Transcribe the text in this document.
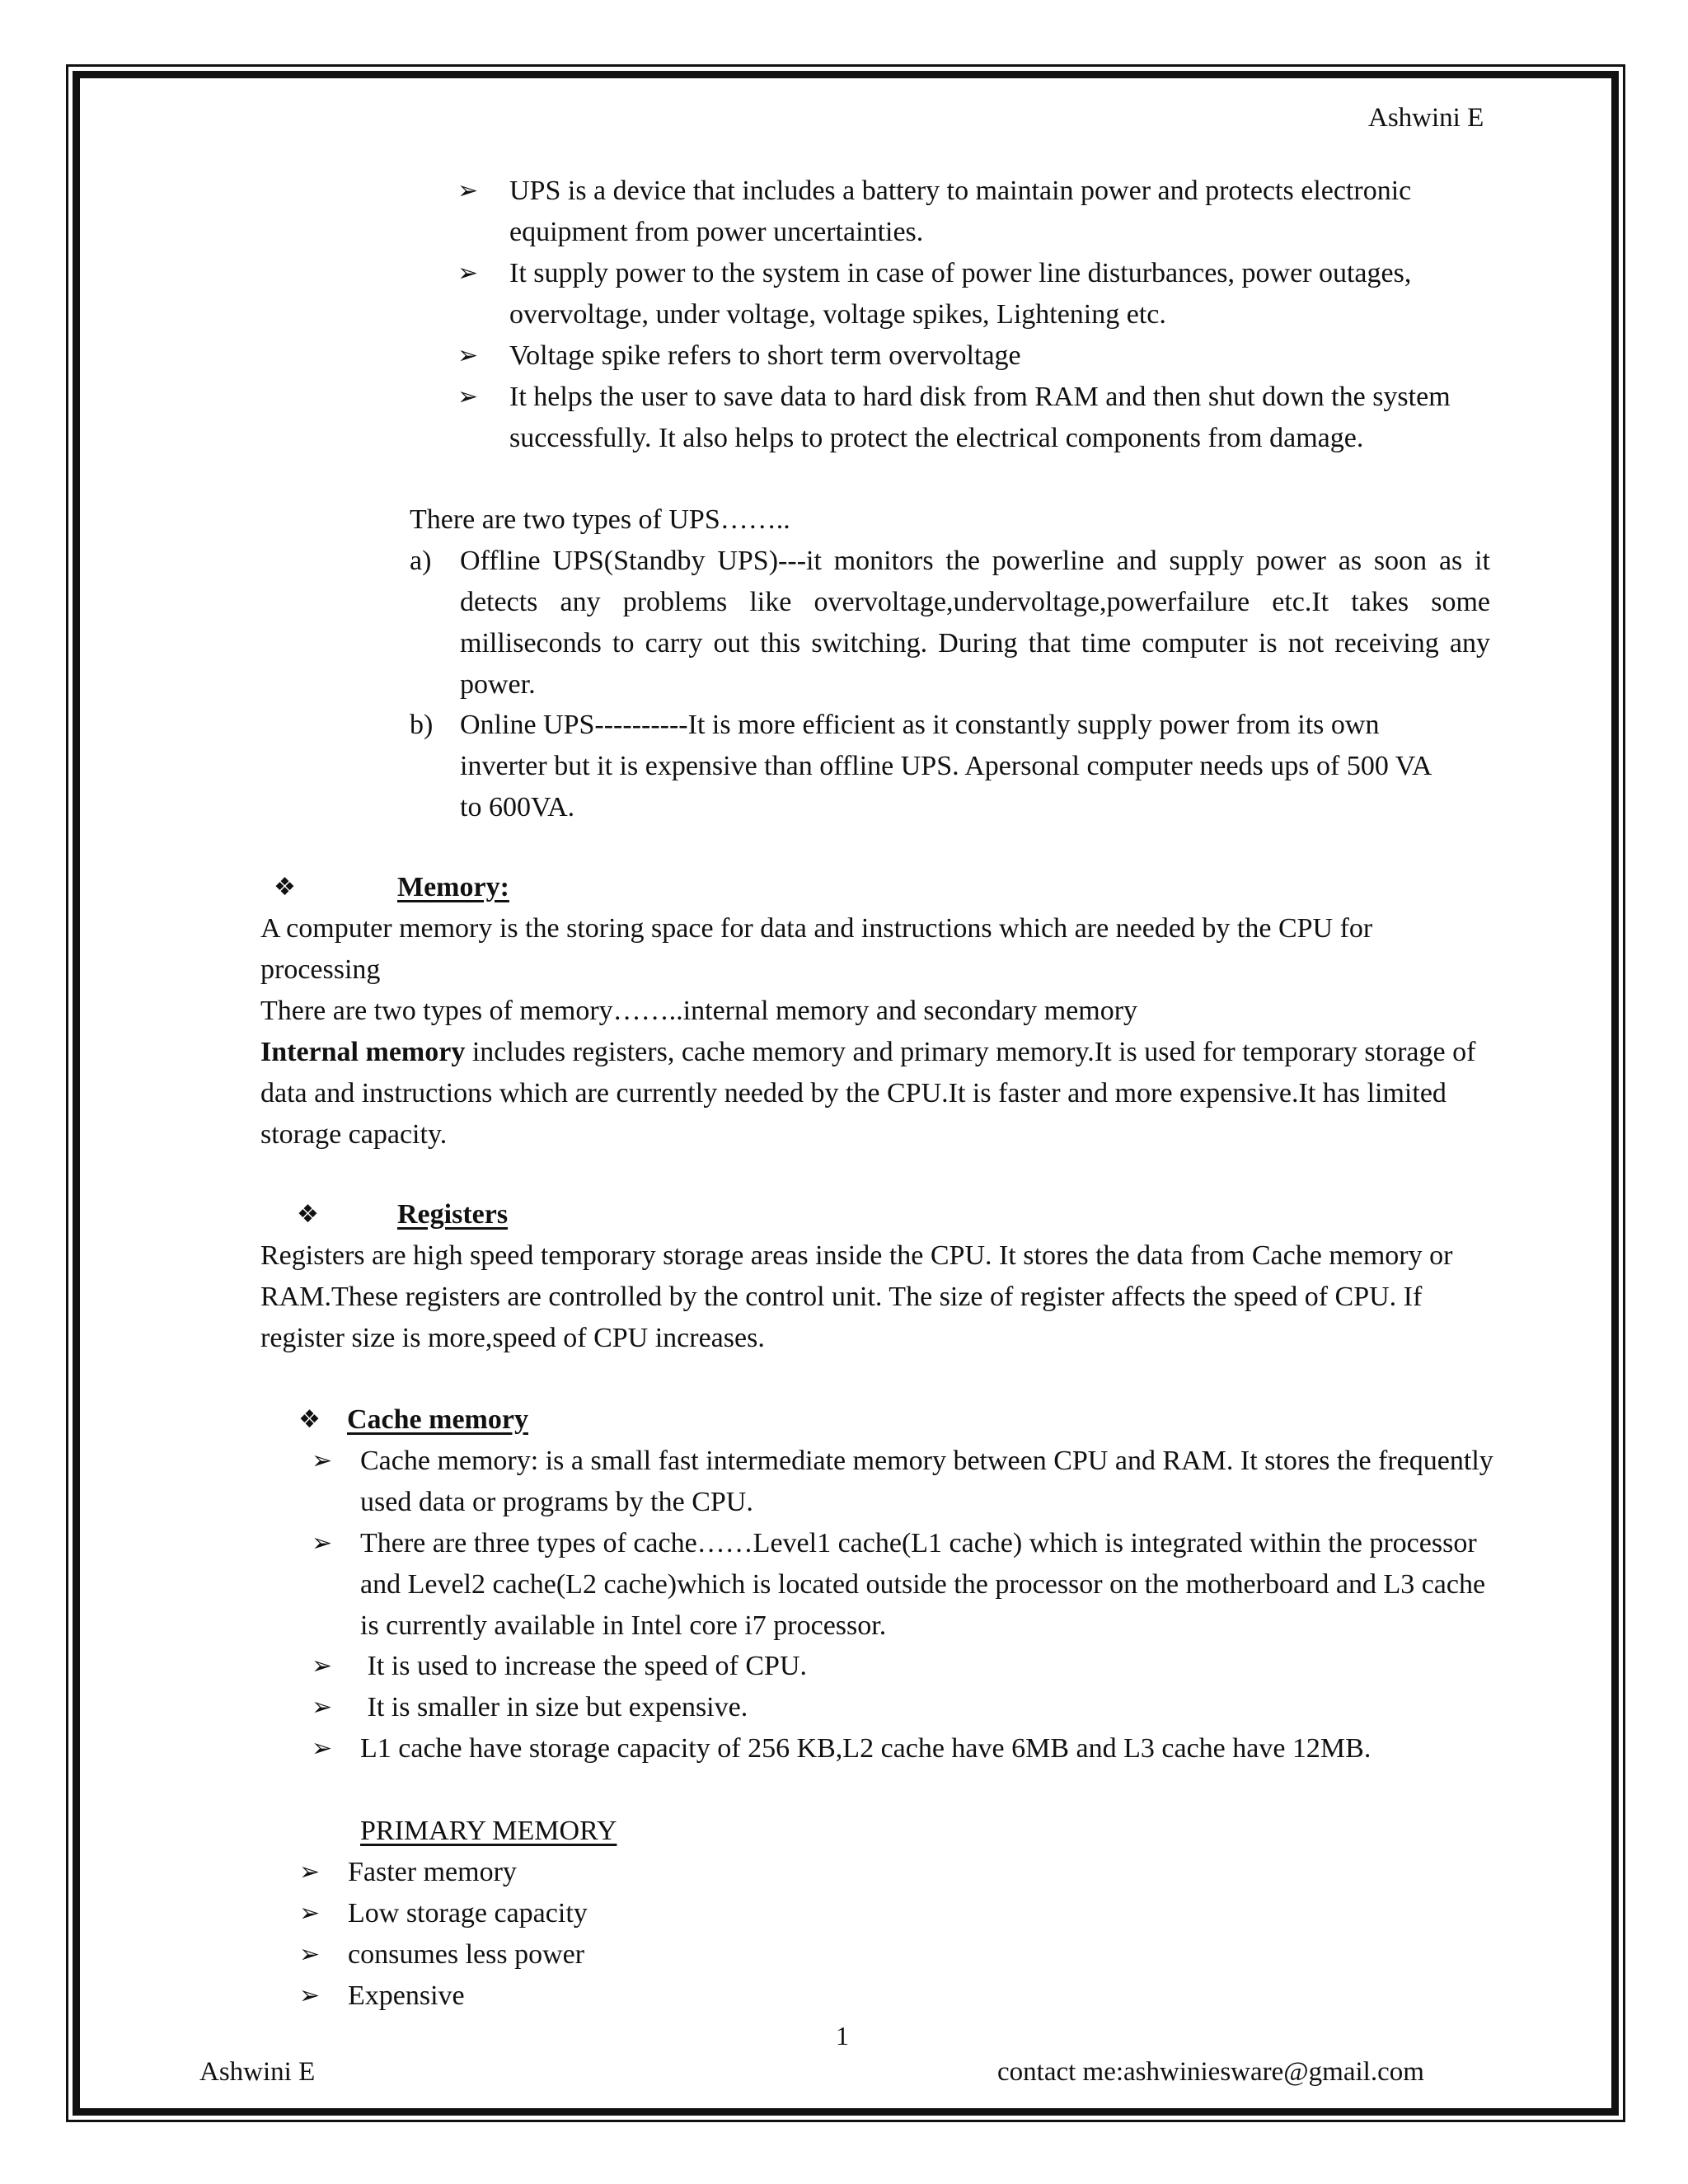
Ashwini E
➢ UPS is a device that includes a battery to maintain power and protects electronic equipment from power uncertainties.
➢ It supply power to the system in case of power line disturbances, power outages, overvoltage, under voltage, voltage spikes, Lightening etc.
➢ Voltage spike refers to short term overvoltage
➢ It helps the user to save data to hard disk from RAM and then shut down the system successfully. It also helps to protect the electrical components from damage.
There are two types of UPS……..
a) Offline UPS(Standby UPS)---it monitors the powerline and supply power as soon as it detects any problems like overvoltage,undervoltage,powerfailure etc.It takes some milliseconds to carry out this switching. During that time computer is not receiving any power.
b) Online UPS----------It is more efficient as it constantly supply power from its own inverter but it is expensive than offline UPS. Apersonal computer needs ups of 500 VA to 600VA.
❖	Memory:
A computer memory is the storing space for data and instructions which are needed by the CPU for processing
There are two types of memory……..internal memory and secondary memory
Internal memory includes registers, cache memory and primary memory.It is used for temporary storage of data and instructions which are currently needed by the CPU.It is faster and more expensive.It has limited storage capacity.
❖	Registers
Registers are high speed temporary storage areas inside the CPU. It stores the data from Cache memory or RAM.These registers are controlled by the control unit. The size of register affects the speed of CPU. If register size is more,speed of CPU increases.
❖ Cache memory
➢ Cache memory: is a small fast intermediate memory between CPU and RAM. It stores the frequently used data or programs by the CPU.
➢ There are three types of cache……Level1 cache(L1 cache) which is integrated within the processor and Level2 cache(L2 cache)which is located outside the processor on the motherboard and L3 cache is currently available in Intel core i7 processor.
➢ It is used to increase the speed of CPU.
➢ It is smaller in size but expensive.
➢ L1 cache have storage capacity of 256 KB,L2 cache have 6MB and L3 cache have 12MB.
PRIMARY MEMORY
➢ Faster memory
➢ Low storage capacity
➢ consumes less power
➢ Expensive
1
Ashwini E	contact me:ashwiniesware@gmail.com
